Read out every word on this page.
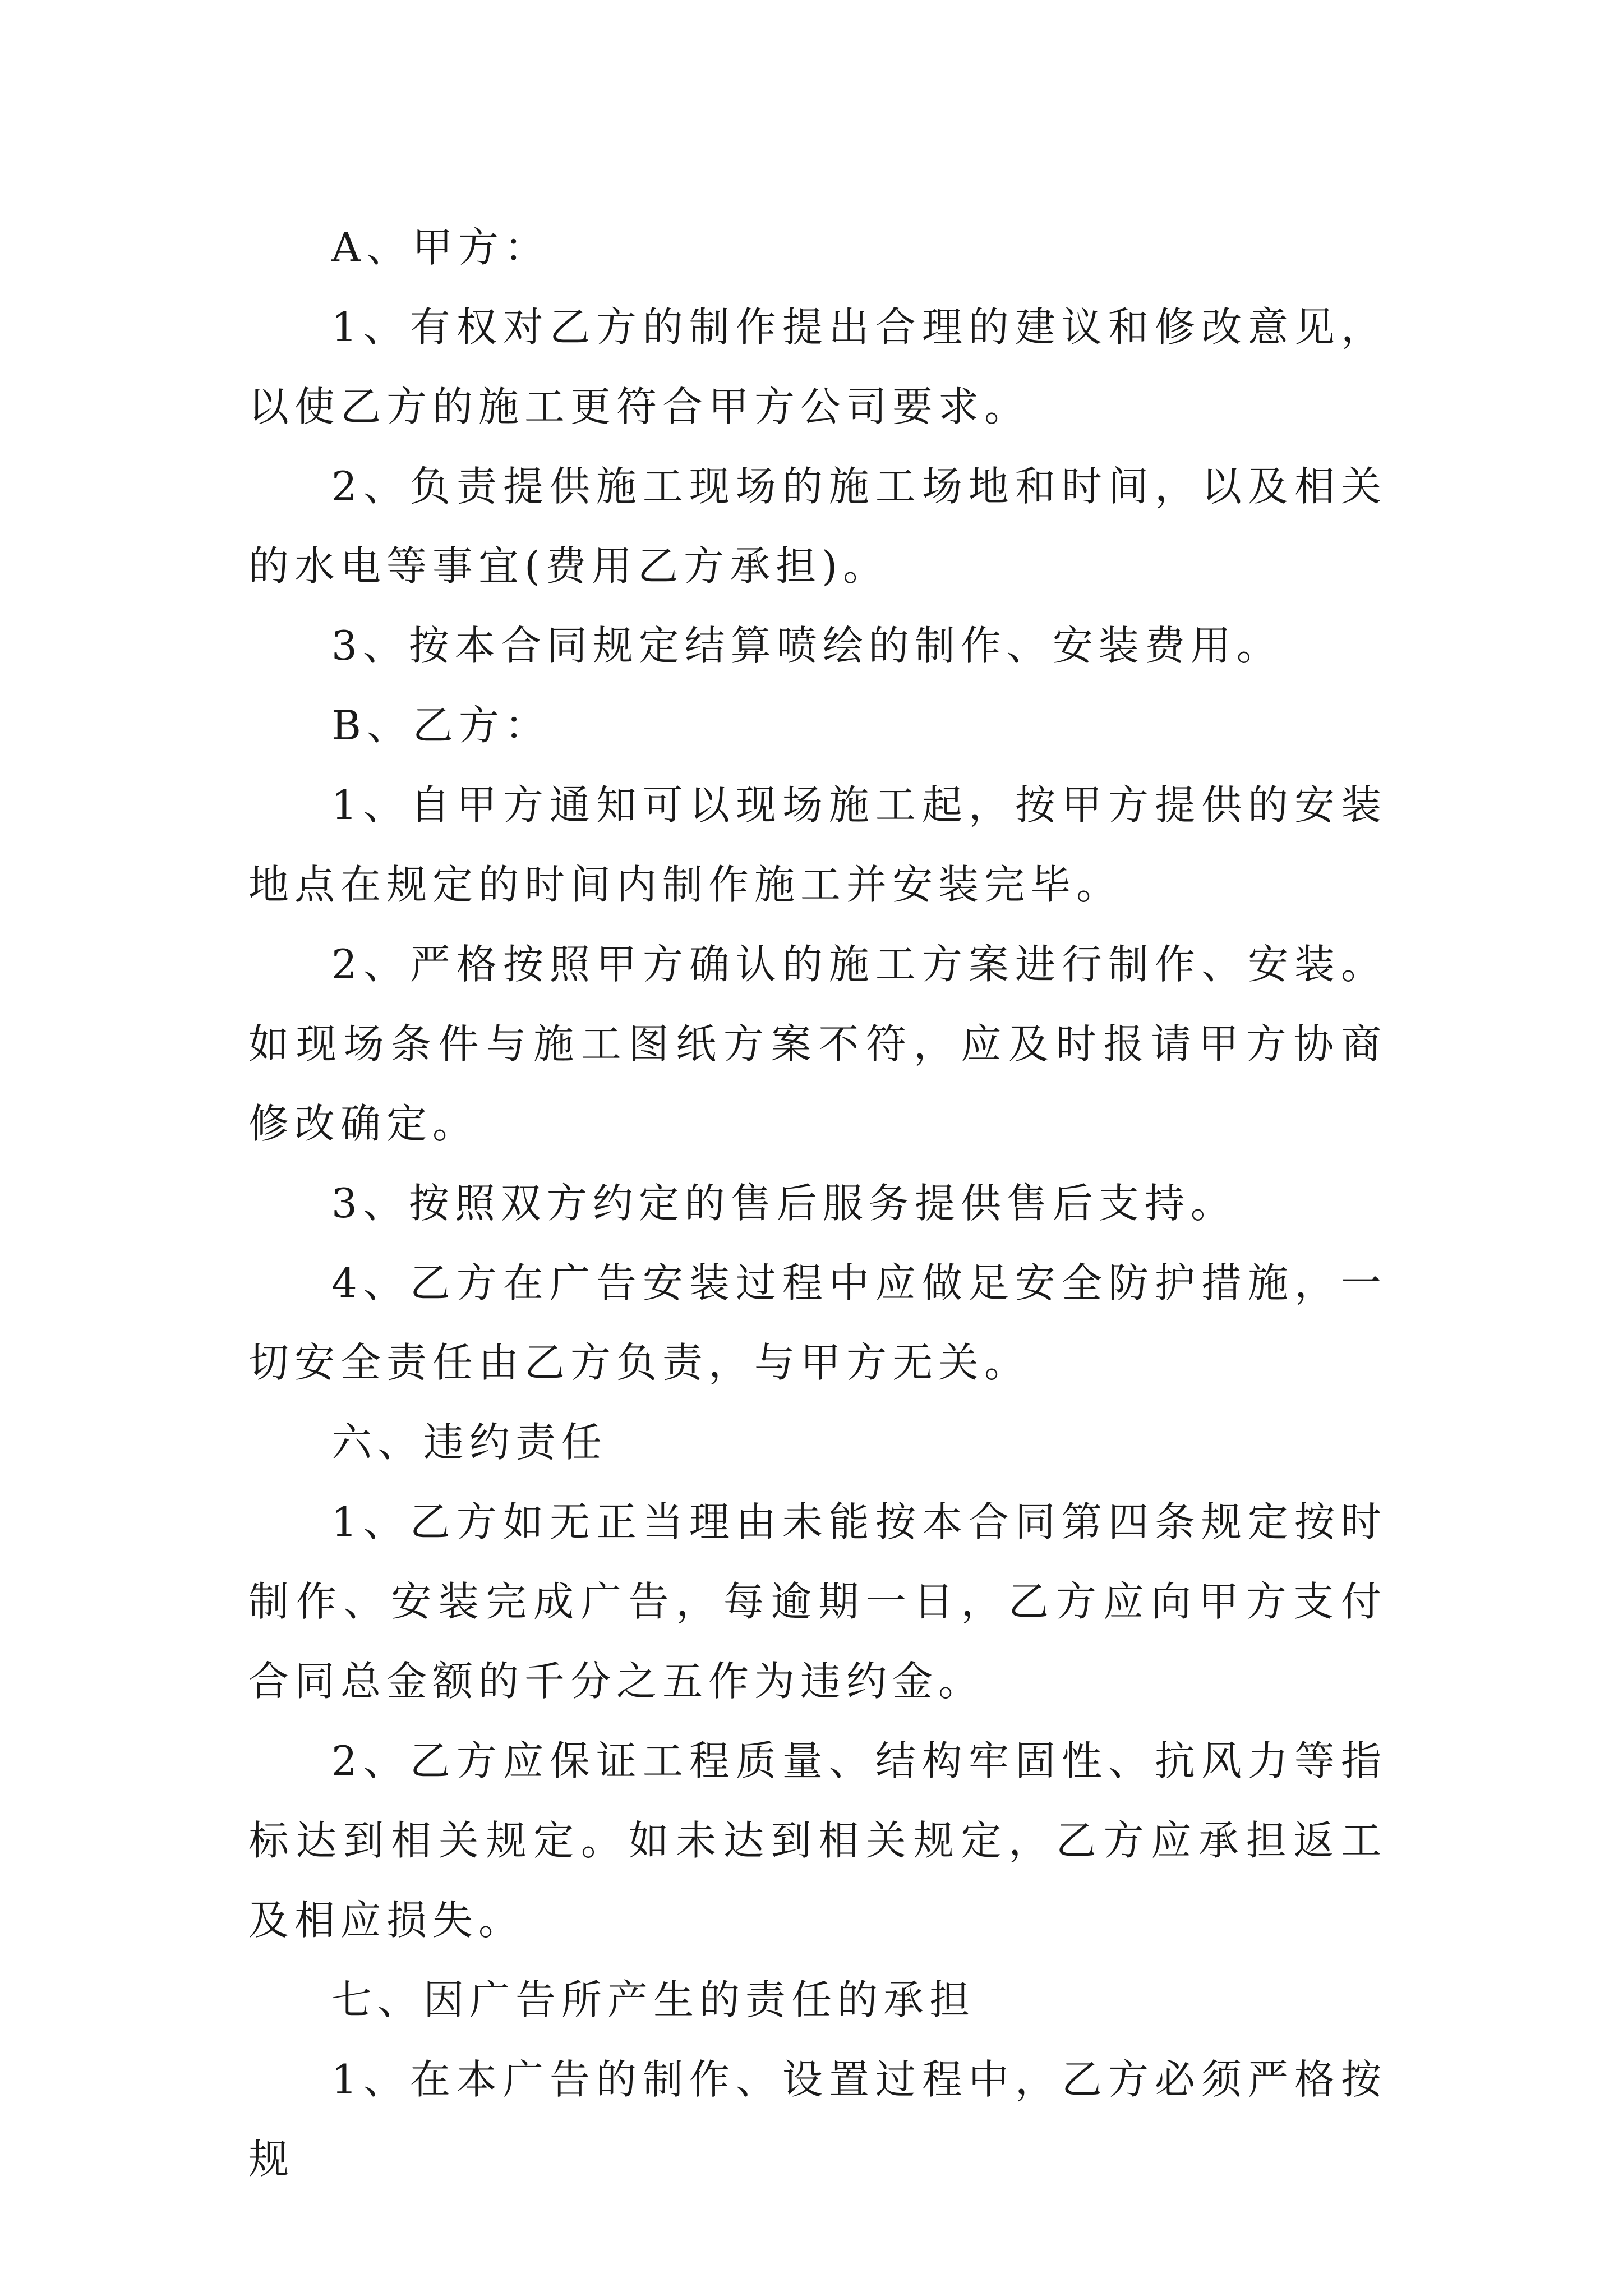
A、甲方：

1、有权对乙方的制作提出合理的建议和修改意见，以使乙方的施工更符合甲方公司要求。

2、负责提供施工现场的施工场地和时间，以及相关的水电等事宜(费用乙方承担)。

3、按本合同规定结算喷绘的制作、安装费用。

B、乙方：

1、自甲方通知可以现场施工起，按甲方提供的安装地点在规定的时间内制作施工并安装完毕。

2、严格按照甲方确认的施工方案进行制作、安装。如现场条件与施工图纸方案不符，应及时报请甲方协商修改确定。

3、按照双方约定的售后服务提供售后支持。

4、乙方在广告安装过程中应做足安全防护措施，一切安全责任由乙方负责，与甲方无关。

六、违约责任

1、乙方如无正当理由未能按本合同第四条规定按时制作、安装完成广告，每逾期一日，乙方应向甲方支付合同总金额的千分之五作为违约金。

2、乙方应保证工程质量、结构牢固性、抗风力等指标达到相关规定。如未达到相关规定，乙方应承担返工及相应损失。

七、因广告所产生的责任的承担

1、在本广告的制作、设置过程中，乙方必须严格按规
